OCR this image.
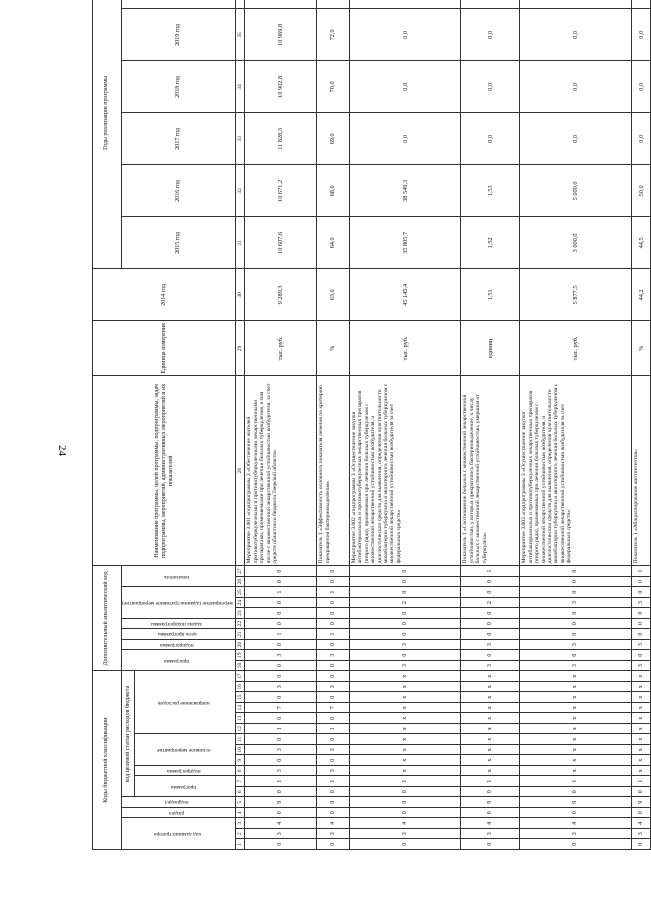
24
Коды бюджетной классификации																	Дополнительный аналитический код										Наименование программы, целей программы, подпрограммы, задач подпрограммы, мероприятий, административных мероприятий и их показателей	Единица измерения	2014 год	Годы реализации программы	
код администратора			раздел	подраздел	код целевой статьи расходов бюджета												программа		подпрограмма	цель программы	задача подпрограммы	мероприятие (административное мероприятие)			показатель					2015 год	2016 год	2017 год	2018 год	2019 год			
					программа		подпрограмма	основное мероприятие			направление расходов																										
1	2	3	4	5	6	7	8	9	10	11	12	13	14	15	16	17	18	19	20	21	22	23	24	25	26	27	28	29	30	31	32	33	34	35		
0	3	4	0	9	0	1	3	0	3	0	1	0	7	0	3	0	0	3	0	1	0	0	0	1	0	0	Мероприятие 3.001 «подпрограммы 3 «Обеспечение жителей противотуберкулезными и противотуберкулезными лекарственными препаратами, применяемыми при лечении больных туберкулезом, в том числе с множественной лекарственной устойчивостью возбудителя, за счет средств областного бюджета Тверской области»	тыс. руб.	9 289,3	10 607,6	10 671,2	11 828,3	10 902,8	10 969,8			
0	3	4	0	9	0	1	3	0	3	0	1	0	7	0	3	0	0	3	0	1	0	0	0	1	0	0	Показатель 1 «Эффективность основного показателя лечения по критерию прекращения бактериовыделения»	%	63,0	64,0	68,0	69,0	70,0	72,0			
0	3	4	0	9	0	1	x	x	x	x	x	x	x	x	x	x	3	0	3	0	0	0	2	0	0	0	Мероприятие 3.002 «подпрограммы 3 «Осуществление закупки антибактериальных и противотуберкулезных лекарственных препаратов (второго ряда), применяемых при лечении больных туберкулезом с множественной лекарственной устойчивостью возбудителя, и диагностических средств для выявления, определения чувствительности микобактерии туберкулеза и мониторинга лечения больных туберкулезом с множественной лекарственной устойчивостью возбудителя за счет федеральных средств»	тыс. руб.	45 145,4	35 805,7	38 549,3	0,0	0,0	0,0			
0	3	4	0	9	0	1	x	x	x	x	x	x	x	x	x	x	3	0	3	0	0	0	2	0	0	1	Показатель 1 «Соотношение больных с множественной лекарственной устойчивостью, у которых прекратилось бактериовыделение, к числу больных с множественной лекарственной устойчивостью, умершим от туберкулеза»	единиц	1,51	1,52	1,53	0,0	0,0	0,0			
0	3	4	0	9	0	1	x	x	x	x	x	x	x	x	x	x	3	0	3	0	0	0	3	0	0	0	Мероприятие 3.003 «подпрограммы 3 «Осуществление закупки антибактериальных и противотуберкулезных лекарственных препаратов (второго ряда), применяемых при лечении больных туберкулезом с множественной лекарственной устойчивостью возбудителя, и диагностических средств для выявления, определения чувствительности микобактерии туберкулеза и мониторинга лечения больных туберкулезом с множественной лекарственной устойчивостью возбудителя за счет федеральных средств»	тыс. руб.	5 877,5	3 000,0	5 000,0	0,0	0,0	0,0			
0	3	4	0	9	0	1	x	x	x	x	x	x	x	x	x	x	3	0	3	0	0	0	3	0	0	1	Показатель 1 «Абациллирование контингентов»	%	44,2	44,5	50,0	0,0	0,0	0,0			
